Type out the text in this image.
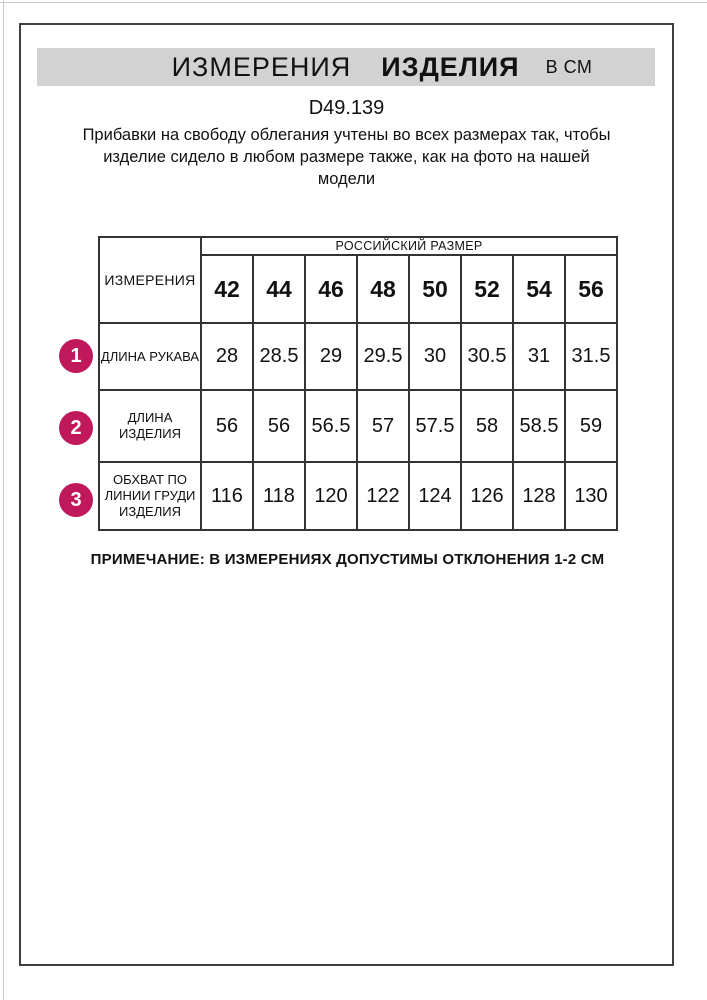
ИЗМЕРЕНИЯ ИЗДЕЛИЯ В СМ
D49.139
Прибавки на свободу облегания учтены во всех размерах так, чтобы
изделие сидело в любом размере также, как на фото на нашей
модели
ИЗМЕРЕНИЯ	РОССИЙСКИЙ РАЗМЕР							
	42	44	46	48	50	52	54	56
ДЛИНА РУКАВА	28	28.5	29	29.5	30	30.5	31	31.5
ДЛИНА ИЗДЕЛИЯ	56	56	56.5	57	57.5	58	58.5	59
ОБХВАТ ПО ЛИНИИ ГРУДИ ИЗДЕЛИЯ	116	118	120	122	124	126	128	130
1
2
3
ПРИМЕЧАНИЕ: В ИЗМЕРЕНИЯХ ДОПУСТИМЫ ОТКЛОНЕНИЯ 1-2 СМ
